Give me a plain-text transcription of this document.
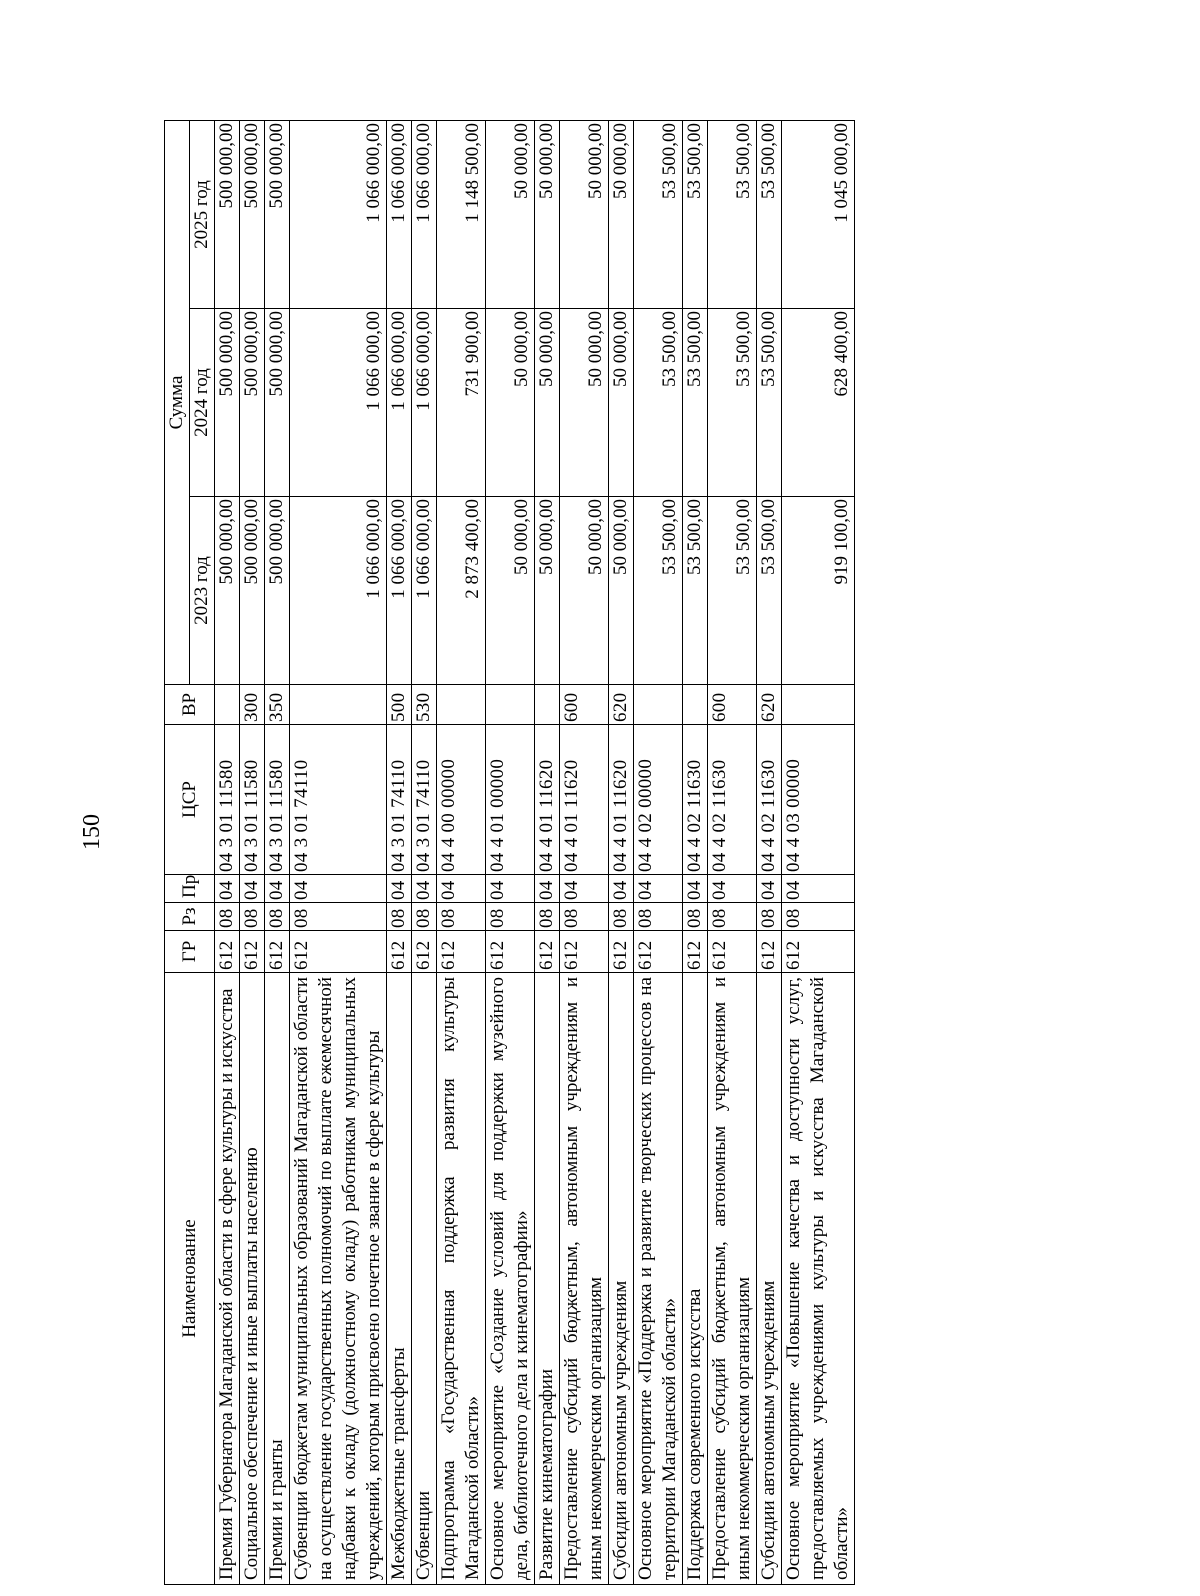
150
Наименование	ГР	Рз	Пр	ЦСР	ВР	Сумма		
						2023 год	2024 год	2025 год
Премия Губернатора Магаданской области в сфере культуры и искусства	612	08	04	04 3 01 11580		500 000,00	500 000,00	500 000,00
Социальное обеспечение и иные выплаты населению	612	08	04	04 3 01 11580	300	500 000,00	500 000,00	500 000,00
Премии и гранты	612	08	04	04 3 01 11580	350	500 000,00	500 000,00	500 000,00
Субвенции бюджетам муниципальных образований Магаданской области на осуществление государственных полномочий по выплате ежемесячной надбавки к окладу (должностному окладу) работникам муниципальных учреждений, которым присвоено почетное звание в сфере культуры	612	08	04	04 3 01 74110		1 066 000,00	1 066 000,00	1 066 000,00
Межбюджетные трансферты	612	08	04	04 3 01 74110	500	1 066 000,00	1 066 000,00	1 066 000,00
Субвенции	612	08	04	04 3 01 74110	530	1 066 000,00	1 066 000,00	1 066 000,00
Подпрограмма «Государственная поддержка развития культуры Магаданской области»	612	08	04	04 4 00 00000		2 873 400,00	731 900,00	1 148 500,00
Основное мероприятие «Создание условий для поддержки музейного дела, библиотечного дела и кинематографии»	612	08	04	04 4 01 00000		50 000,00	50 000,00	50 000,00
Развитие кинематографии	612	08	04	04 4 01 11620		50 000,00	50 000,00	50 000,00
Предоставление субсидий бюджетным, автономным учреждениям и иным некоммерческим организациям	612	08	04	04 4 01 11620	600	50 000,00	50 000,00	50 000,00
Субсидии автономным учреждениям	612	08	04	04 4 01 11620	620	50 000,00	50 000,00	50 000,00
Основное мероприятие «Поддержка и развитие творческих процессов на территории Магаданской области»	612	08	04	04 4 02 00000		53 500,00	53 500,00	53 500,00
Поддержка современного искусства	612	08	04	04 4 02 11630		53 500,00	53 500,00	53 500,00
Предоставление субсидий бюджетным, автономным учреждениям и иным некоммерческим организациям	612	08	04	04 4 02 11630	600	53 500,00	53 500,00	53 500,00
Субсидии автономным учреждениям	612	08	04	04 4 02 11630	620	53 500,00	53 500,00	53 500,00
Основное мероприятие «Повышение качества и доступности услуг, предоставляемых учреждениями культуры и искусства Магаданской области»	612	08	04	04 4 03 00000		919 100,00	628 400,00	1 045 000,00
